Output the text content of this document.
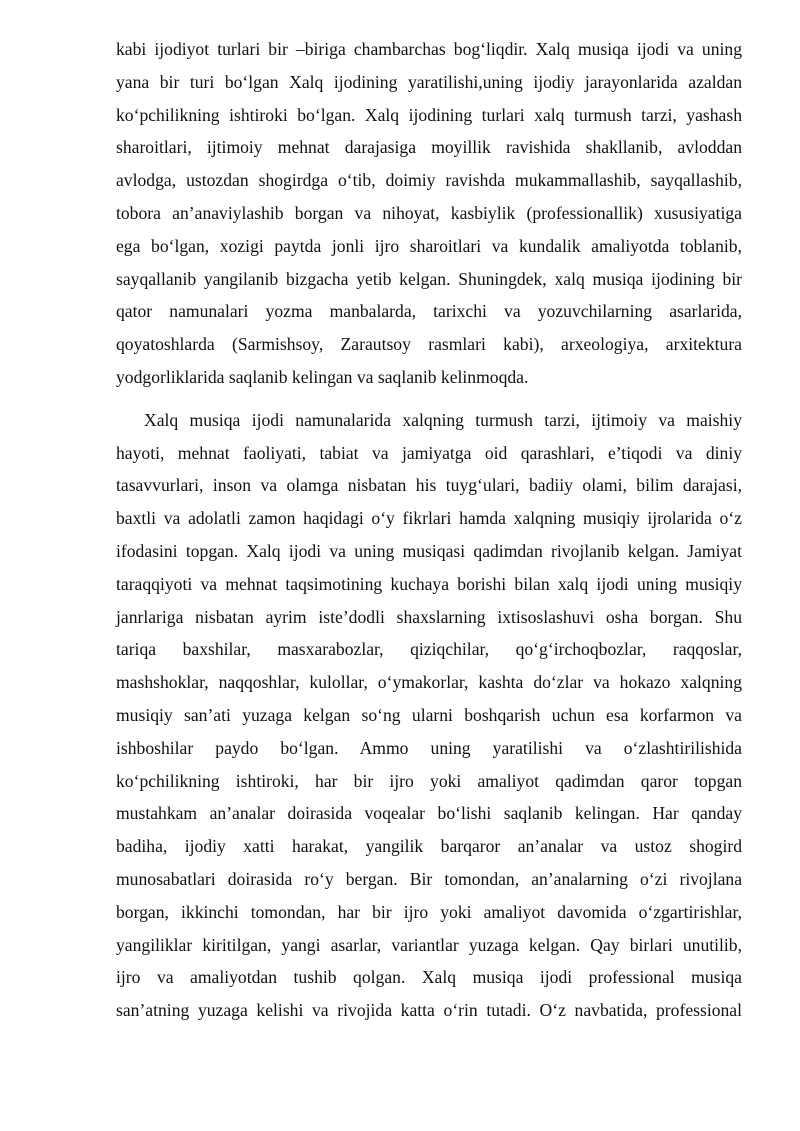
kabi ijodiyot turlari bir –biriga chambarchas bog‘liqdir. Xalq musiqa ijodi va uning
yana bir turi bo‘lgan Xalq ijodining yaratilishi,uning ijodiy jarayonlarida azaldan
ko‘pchilikning ishtiroki bo‘lgan. Xalq ijodining turlari xalq turmush tarzi, yashash
sharoitlari, ijtimoiy mehnat darajasiga moyillik ravishida shakllanib, avloddan
avlodga, ustozdan shogirdga o‘tib, doimiy ravishda mukammallashib, sayqallashib,
tobora an’anaviylashib borgan va nihoyat, kasbiylik (professionallik) xususiyatiga
ega bo‘lgan, xozigi paytda jonli ijro sharoitlari va kundalik amaliyotda toblanib,
sayqallanib yangilanib bizgacha yetib kelgan. Shuningdek, xalq musiqa ijodining bir
qator namunalari yozma manbalarda, tarixchi va yozuvchilarning asarlarida,
qoyatoshlarda (Sarmishsoy, Zarautsoy rasmlari kabi), arxeologiya, arxitektura
yodgorliklarida saqlanib kelingan va saqlanib kelinmoqda.
Xalq musiqa ijodi namunalarida xalqning turmush tarzi, ijtimoiy va maishiy
hayoti, mehnat faoliyati, tabiat va jamiyatga oid qarashlari, e’tiqodi va diniy
tasavvurlari, inson va olamga nisbatan his tuyg‘ulari, badiiy olami, bilim darajasi,
baxtli va adolatli zamon haqidagi o‘y fikrlari hamda xalqning musiqiy ijrolarida o‘z
ifodasini topgan. Xalq ijodi va uning musiqasi qadimdan rivojlanib kelgan. Jamiyat
taraqqiyoti va mehnat taqsimotining kuchaya borishi bilan xalq ijodi uning musiqiy
janrlariga nisbatan ayrim iste’dodli shaxslarning ixtisoslashuvi osha borgan. Shu
tariqa baxshilar, masxarabozlar, qiziqchilar, qo‘g‘irchoqbozlar, raqqoslar,
mashshoklar, naqqoshlar, kulollar, o‘ymakorlar, kashta do‘zlar va hokazo xalqning
musiqiy san’ati yuzaga kelgan so‘ng ularni boshqarish uchun esa korfarmon va
ishboshilar paydo bo‘lgan. Ammo uning yaratilishi va o‘zlashtirilishida
ko‘pchilikning ishtiroki, har bir ijro yoki amaliyot qadimdan qaror topgan
mustahkam an’analar doirasida voqealar bo‘lishi saqlanib kelingan. Har qanday
badiha, ijodiy xatti harakat, yangilik barqaror an’analar va ustoz shogird
munosabatlari doirasida ro‘y bergan. Bir tomondan, an’analarning o‘zi rivojlana
borgan, ikkinchi tomondan, har bir ijro yoki amaliyot davomida o‘zgartirishlar,
yangiliklar kiritilgan, yangi asarlar, variantlar yuzaga kelgan. Qay birlari unutilib,
ijro va amaliyotdan tushib qolgan. Xalq musiqa ijodi professional musiqa
san’atning yuzaga kelishi va rivojida katta o‘rin tutadi. O‘z navbatida, professional
